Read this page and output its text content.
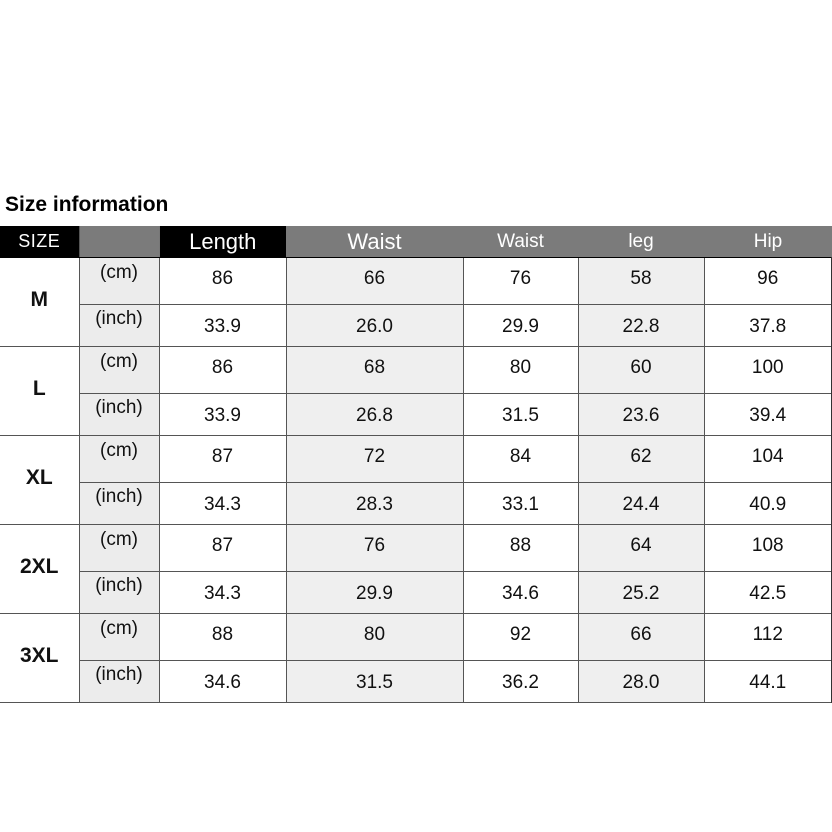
Size information
SIZE		Length	Waist	Waist	leg	Hip
M	(cm)	86	66	76	58	96
	(inch)	33.9	26.0	29.9	22.8	37.8
L	(cm)	86	68	80	60	100
	(inch)	33.9	26.8	31.5	23.6	39.4
XL	(cm)	87	72	84	62	104
	(inch)	34.3	28.3	33.1	24.4	40.9
2XL	(cm)	87	76	88	64	108
	(inch)	34.3	29.9	34.6	25.2	42.5
3XL	(cm)	88	80	92	66	112
	(inch)	34.6	31.5	36.2	28.0	44.1
